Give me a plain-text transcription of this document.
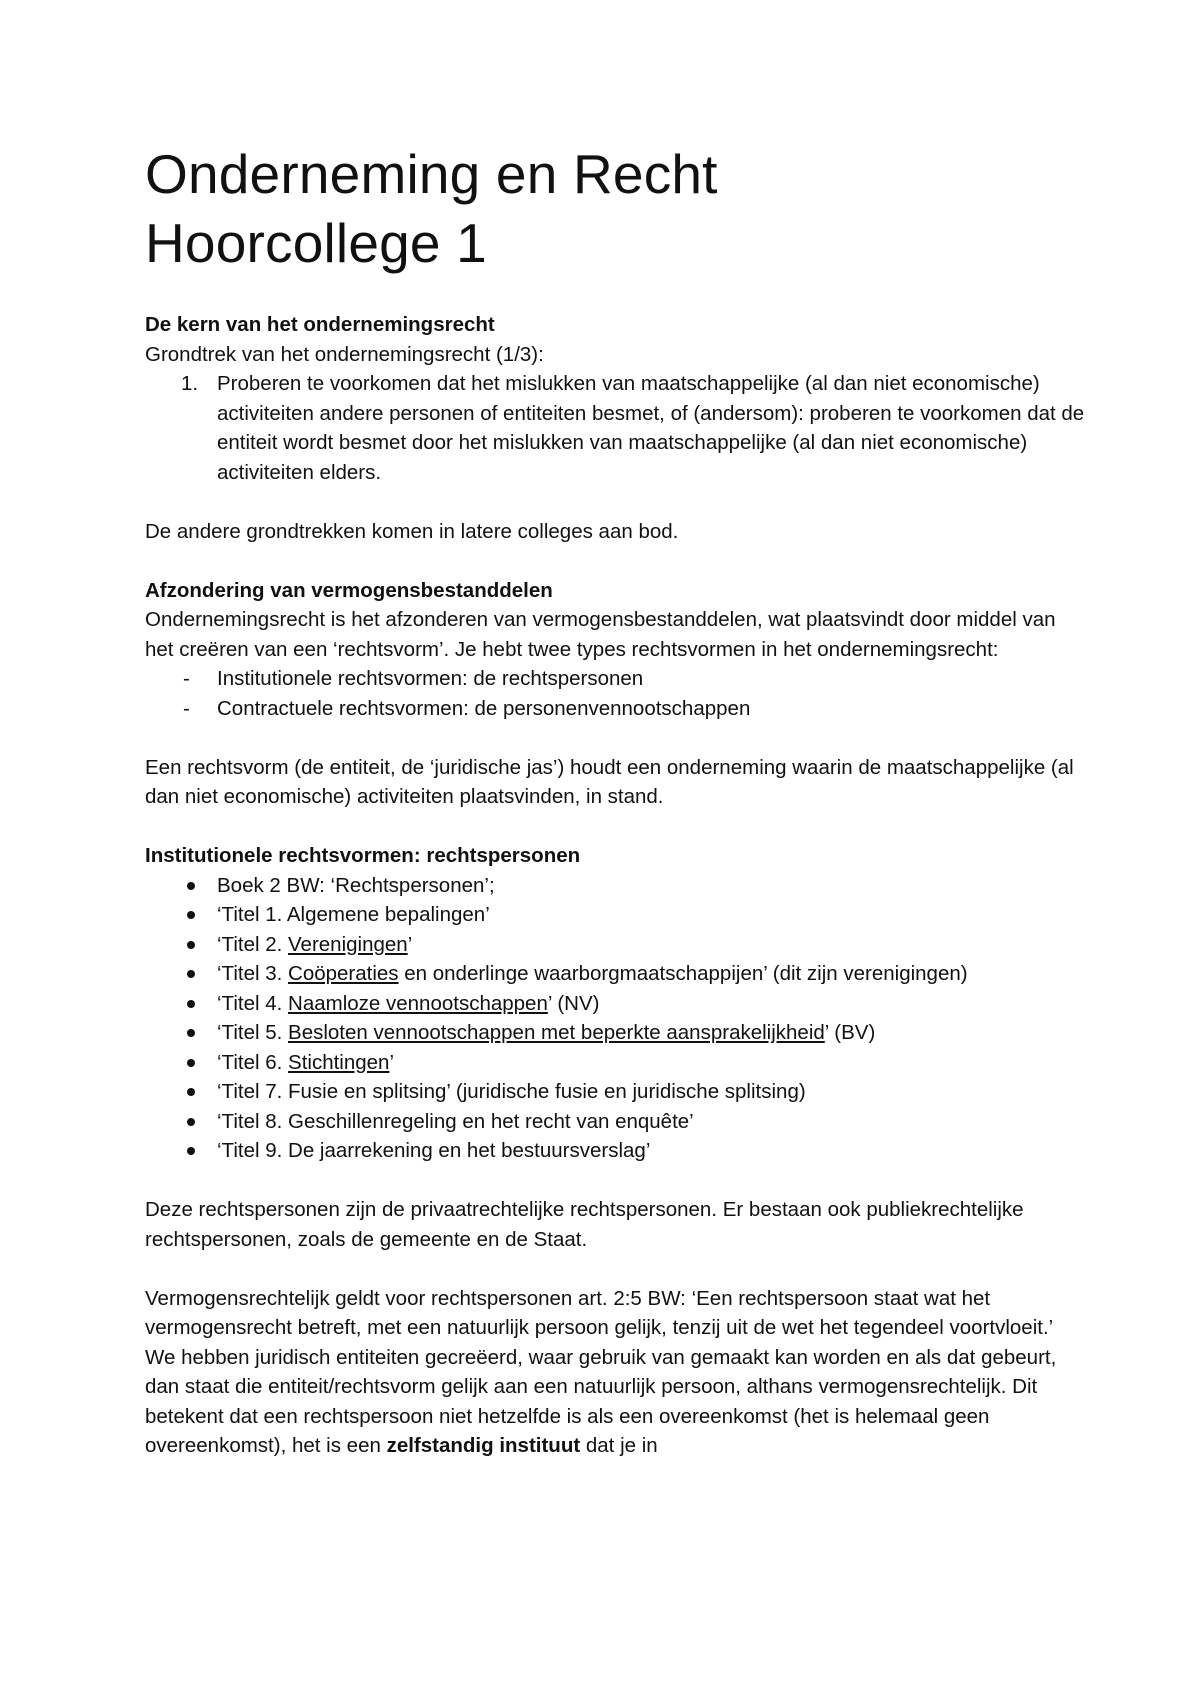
Onderneming en Recht
Hoorcollege 1
De kern van het ondernemingsrecht

Grondtrek van het ondernemingsrecht (1/3):

1. Proberen te voorkomen dat het mislukken van maatschappelijke (al dan niet economische) activiteiten andere personen of entiteiten besmet, of (andersom): proberen te voorkomen dat de entiteit wordt besmet door het mislukken van maatschappelijke (al dan niet economische) activiteiten elders.

De andere grondtrekken komen in latere colleges aan bod.

Afzondering van vermogensbestanddelen

Ondernemingsrecht is het afzonderen van vermogensbestanddelen, wat plaatsvindt door middel van het creëren van een ‘rechtsvorm’. Je hebt twee types rechtsvormen in het ondernemingsrecht:

- Institutionele rechtsvormen: de rechtspersonen
- Contractuele rechtsvormen: de personenvennootschappen

Een rechtsvorm (de entiteit, de ‘juridische jas’) houdt een onderneming waarin de maatschappelijke (al dan niet economische) activiteiten plaatsvinden, in stand.

Institutionele rechtsvormen: rechtspersonen
Boek 2 BW: ‘Rechtspersonen’;
‘Titel 1. Algemene bepalingen’
‘Titel 2. Verenigingen’
‘Titel 3. Coöperaties en onderlinge waarborgmaatschappijen’ (dit zijn verenigingen)
‘Titel 4. Naamloze vennootschappen’ (NV)
‘Titel 5. Besloten vennootschappen met beperkte aansprakelijkheid’ (BV)
‘Titel 6. Stichtingen’
‘Titel 7. Fusie en splitsing’ (juridische fusie en juridische splitsing)
‘Titel 8. Geschillenregeling en het recht van enquête’
‘Titel 9. De jaarrekening en het bestuursverslag’

Deze rechtspersonen zijn de privaatrechtelijke rechtspersonen. Er bestaan ook publiekrechtelijke rechtspersonen, zoals de gemeente en de Staat.

Vermogensrechtelijk geldt voor rechtspersonen art. 2:5 BW: ‘Een rechtspersoon staat wat het vermogensrecht betreft, met een natuurlijk persoon gelijk, tenzij uit de wet het tegendeel voortvloeit.’

We hebben juridisch entiteiten gecreëerd, waar gebruik van gemaakt kan worden en als dat gebeurt, dan staat die entiteit/rechtsvorm gelijk aan een natuurlijk persoon, althans vermogensrechtelijk. Dit betekent dat een rechtspersoon niet hetzelfde is als een overeenkomst (het is helemaal geen overeenkomst), het is een zelfstandig instituut dat je in
